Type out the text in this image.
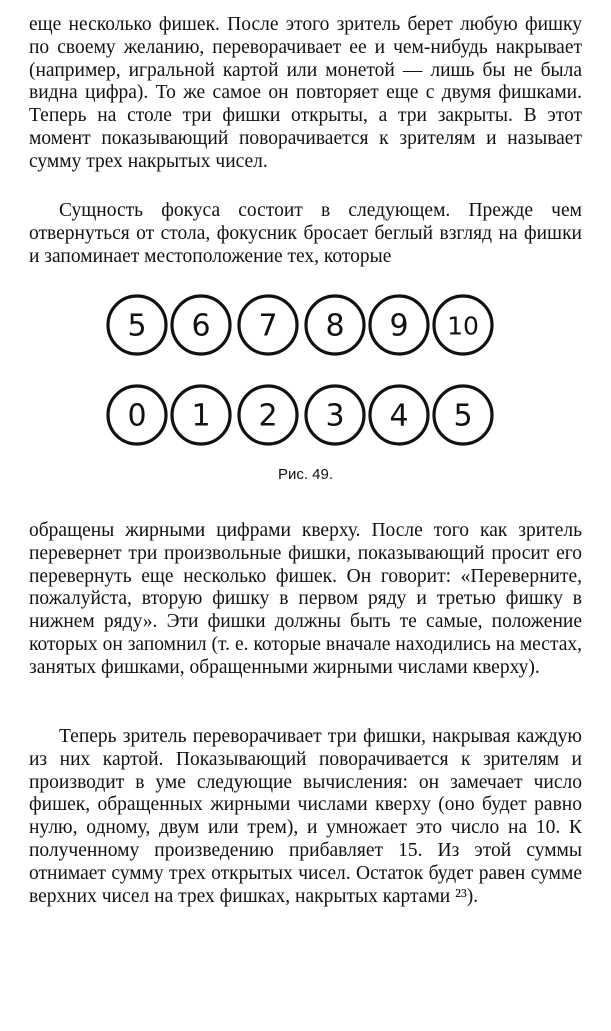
еще несколько фишек. После этого зритель берет любую фишку по своему желанию, переворачивает ее и чем-нибудь накрывает (например, игральной картой или монетой — лишь бы не была видна цифра). То же самое он повторяет еще с двумя фишками. Теперь на столе три фишки открыты, а три закрыты. В этот момент показывающий поворачивается к зрителям и называет сумму трех накрытых чисел.

Сущность фокуса состоит в следующем. Прежде чем отвернуться от стола, фокусник бросает беглый взгляд на фишки и запоминает местоположение тех, которые

5 6 7 8 9 10
0 1 2 3 4 5
Рис. 49.

обращены жирными цифрами кверху. После того как зритель перевернет три произвольные фишки, показывающий просит его перевернуть еще несколько фишек. Он говорит: «Переверните, пожалуйста, вторую фишку в первом ряду и третью фишку в нижнем ряду». Эти фишки должны быть те самые, положение которых он запомнил (т. е. которые вначале находились на местах, занятых фишками, обращенными жирными числами кверху).

Теперь зритель переворачивает три фишки, накрывая каждую из них картой. Показывающий поворачивается к зрителям и производит в уме следующие вычисления: он замечает число фишек, обращенных жирными числами кверху (оно будет равно нулю, одному, двум или трем), и умножает это число на 10. К полученному произведению прибавляет 15. Из этой суммы отнимает сумму трех открытых чисел. Остаток будет равен сумме верхних чисел на трех фишках, накрытых картами ²³).
